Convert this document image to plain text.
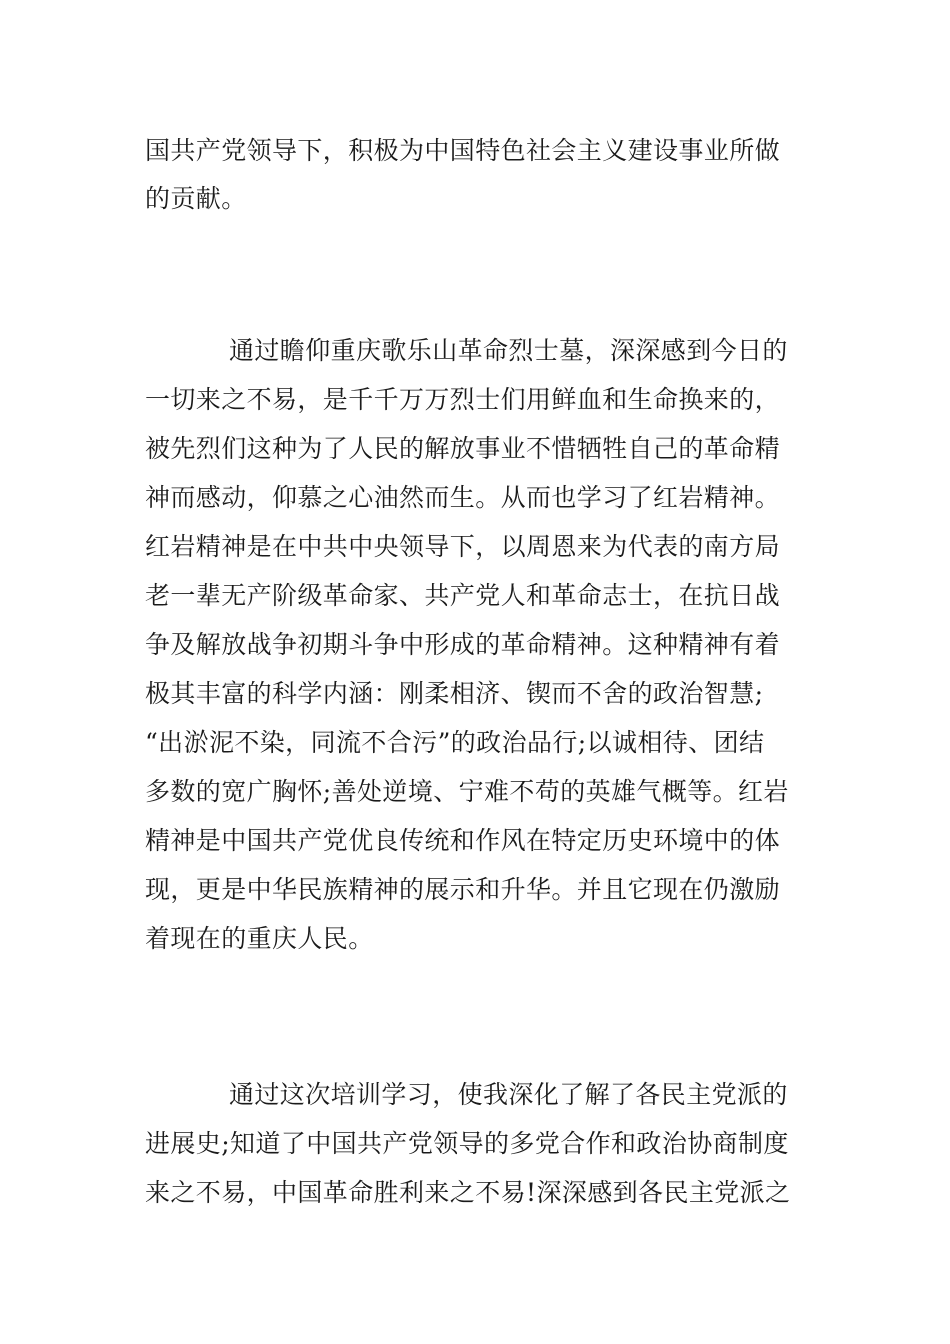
国共产党领导下，积极为中国特色社会主义建设事业所做

的贡献。

通过瞻仰重庆歌乐山革命烈士墓，深深感到今日的

一切来之不易，是千千万万烈士们用鲜血和生命换来的，

被先烈们这种为了人民的解放事业不惜牺牲自己的革命精

神而感动，仰慕之心油然而生。从而也学习了红岩精神。

红岩精神是在中共中央领导下，以周恩来为代表的南方局

老一辈无产阶级革命家、共产党人和革命志士，在抗日战

争及解放战争初期斗争中形成的革命精神。这种精神有着

极其丰富的科学内涵：刚柔相济、锲而不舍的政治智慧;

“出淤泥不染，同流不合污”的政治品行;以诚相待、团结

多数的宽广胸怀;善处逆境、宁难不苟的英雄气概等。红岩

精神是中国共产党优良传统和作风在特定历史环境中的体

现，更是中华民族精神的展示和升华。并且它现在仍激励

着现在的重庆人民。

通过这次培训学习，使我深化了解了各民主党派的

进展史;知道了中国共产党领导的多党合作和政治协商制度

来之不易，中国革命胜利来之不易!深深感到各民主党派之
